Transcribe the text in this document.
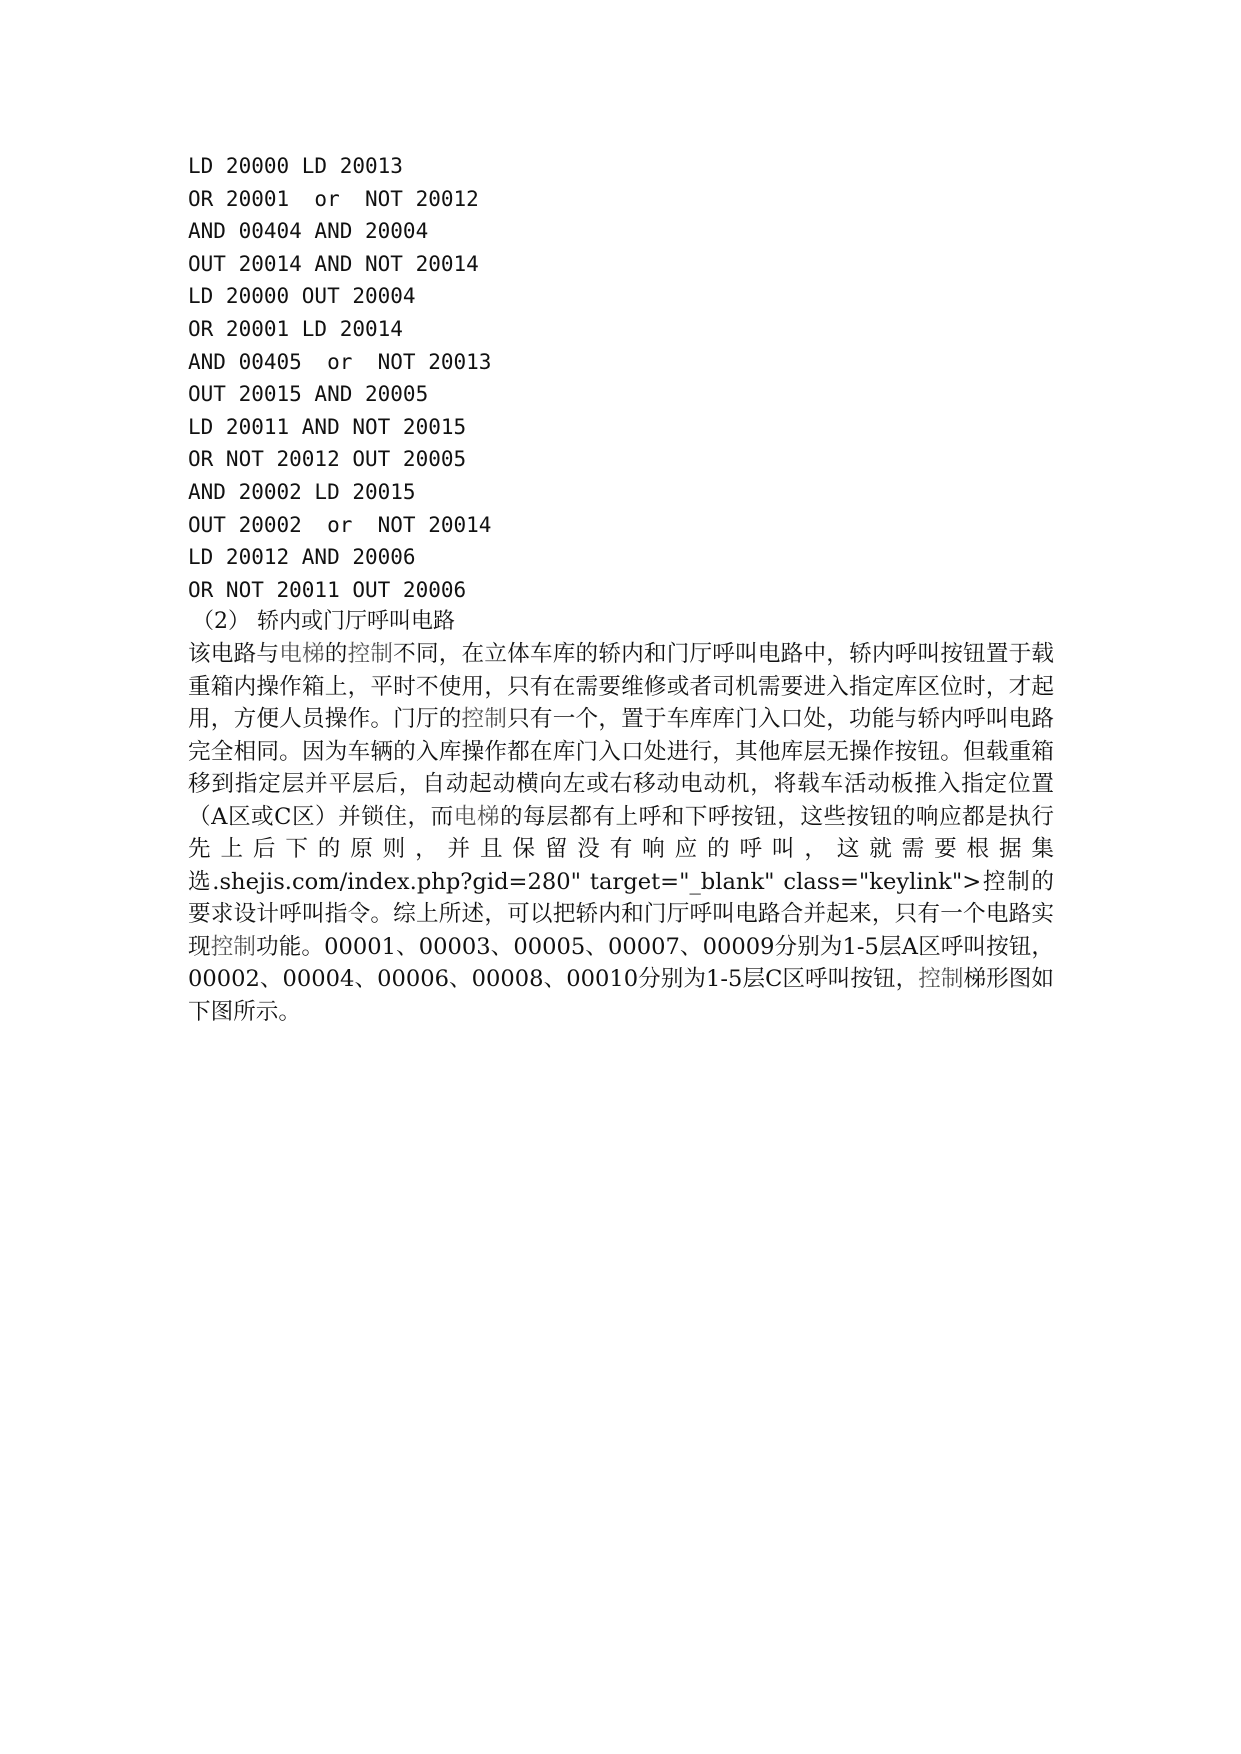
LD 20000 LD 20013
OR 20001  or  NOT 20012
AND 00404 AND 20004
OUT 20014 AND NOT 20014
LD 20000 OUT 20004
OR 20001 LD 20014
AND 00405  or  NOT 20013
OUT 20015 AND 20005
LD 20011 AND NOT 20015
OR NOT 20012 OUT 20005
AND 20002 LD 20015
OUT 20002  or  NOT 20014
LD 20012 AND 20006
OR NOT 20011 OUT 20006
（2） 轿内或门厅呼叫电路

该电路与电梯的控制不同，在立体车库的轿内和门厅呼叫电路中，轿内呼叫按钮置于载重箱内操作箱上，平时不使用，只有在需要维修或者司机需要进入指定库区位时，才起用，方便人员操作。门厅的控制只有一个，置于车库库门入口处，功能与轿内呼叫电路完全相同。因为车辆的入库操作都在库门入口处进行，其他库层无操作按钮。但载重箱移到指定层并平层后，自动起动横向左或右移动电动机，将载车活动板推入指定位置（A区或C区）并锁住，而电梯的每层都有上呼和下呼按钮，这些按钮的响应都是执行先上后下的原则，并且保留没有响应的呼叫，这就需要根据集选.shejis.com/index.php?gid=280" target="_blank" class="keylink">控制的要求设计呼叫指令。综上所述，可以把轿内和门厅呼叫电路合并起来，只有一个电路实现控制功能。00001、00003、00005、00007、00009分别为1-5层A区呼叫按钮，00002、00004、00006、00008、00010分别为1-5层C区呼叫按钮，控制梯形图如下图所示。
